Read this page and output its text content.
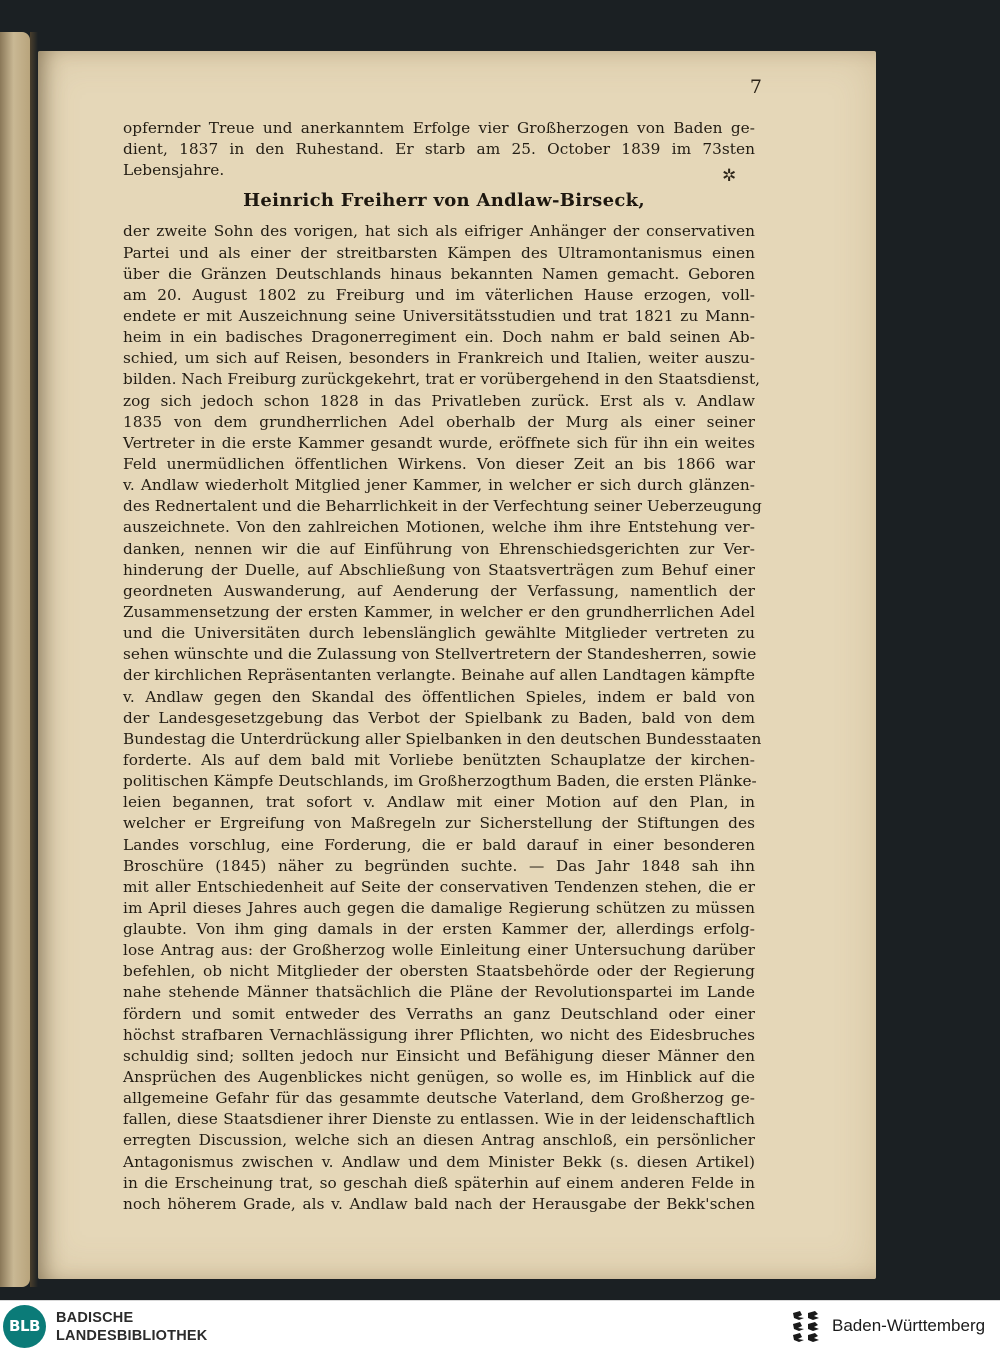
7
✲
opfernder Treue und anerkanntem Erfolge vier Großherzogen von Baden ge-
dient, 1837 in den Ruhestand. Er starb am 25. October 1839 im 73sten
Lebensjahre.
Heinrich Freiherr von Andlaw-Birseck,
der zweite Sohn des vorigen, hat sich als eifriger Anhänger der conservativen
Partei und als einer der streitbarsten Kämpen des Ultramontanismus einen
über die Gränzen Deutschlands hinaus bekannten Namen gemacht. Geboren
am 20. August 1802 zu Freiburg und im väterlichen Hause erzogen, voll-
endete er mit Auszeichnung seine Universitätsstudien und trat 1821 zu Mann-
heim in ein badisches Dragonerregiment ein. Doch nahm er bald seinen Ab-
schied, um sich auf Reisen, besonders in Frankreich und Italien, weiter auszu-
bilden. Nach Freiburg zurückgekehrt, trat er vorübergehend in den Staatsdienst,
zog sich jedoch schon 1828 in das Privatleben zurück. Erst als v. Andlaw
1835 von dem grundherrlichen Adel oberhalb der Murg als einer seiner
Vertreter in die erste Kammer gesandt wurde, eröffnete sich für ihn ein weites
Feld unermüdlichen öffentlichen Wirkens. Von dieser Zeit an bis 1866 war
v. Andlaw wiederholt Mitglied jener Kammer, in welcher er sich durch glänzen-
des Rednertalent und die Beharrlichkeit in der Verfechtung seiner Ueberzeugung
auszeichnete. Von den zahlreichen Motionen, welche ihm ihre Entstehung ver-
danken, nennen wir die auf Einführung von Ehrenschiedsgerichten zur Ver-
hinderung der Duelle, auf Abschließung von Staatsverträgen zum Behuf einer
geordneten Auswanderung, auf Aenderung der Verfassung, namentlich der
Zusammensetzung der ersten Kammer, in welcher er den grundherrlichen Adel
und die Universitäten durch lebenslänglich gewählte Mitglieder vertreten zu
sehen wünschte und die Zulassung von Stellvertretern der Standesherren, sowie
der kirchlichen Repräsentanten verlangte. Beinahe auf allen Landtagen kämpfte
v. Andlaw gegen den Skandal des öffentlichen Spieles, indem er bald von
der Landesgesetzgebung das Verbot der Spielbank zu Baden, bald von dem
Bundestag die Unterdrückung aller Spielbanken in den deutschen Bundesstaaten
forderte. Als auf dem bald mit Vorliebe benützten Schauplatze der kirchen-
politischen Kämpfe Deutschlands, im Großherzogthum Baden, die ersten Plänke-
leien begannen, trat sofort v. Andlaw mit einer Motion auf den Plan, in
welcher er Ergreifung von Maßregeln zur Sicherstellung der Stiftungen des
Landes vorschlug, eine Forderung, die er bald darauf in einer besonderen
Broschüre (1845) näher zu begründen suchte. — Das Jahr 1848 sah ihn
mit aller Entschiedenheit auf Seite der conservativen Tendenzen stehen, die er
im April dieses Jahres auch gegen die damalige Regierung schützen zu müssen
glaubte. Von ihm ging damals in der ersten Kammer der, allerdings erfolg-
lose Antrag aus: der Großherzog wolle Einleitung einer Untersuchung darüber
befehlen, ob nicht Mitglieder der obersten Staatsbehörde oder der Regierung
nahe stehende Männer thatsächlich die Pläne der Revolutionspartei im Lande
fördern und somit entweder des Verraths an ganz Deutschland oder einer
höchst strafbaren Vernachlässigung ihrer Pflichten, wo nicht des Eidesbruches
schuldig sind; sollten jedoch nur Einsicht und Befähigung dieser Männer den
Ansprüchen des Augenblickes nicht genügen, so wolle es, im Hinblick auf die
allgemeine Gefahr für das gesammte deutsche Vaterland, dem Großherzog ge-
fallen, diese Staatsdiener ihrer Dienste zu entlassen. Wie in der leidenschaftlich
erregten Discussion, welche sich an diesen Antrag anschloß, ein persönlicher
Antagonismus zwischen v. Andlaw und dem Minister Bekk (s. diesen Artikel)
in die Erscheinung trat, so geschah dieß späterhin auf einem anderen Felde in
noch höherem Grade, als v. Andlaw bald nach der Herausgabe der Bekk'schen
BLB	BADISCHE
LANDESBIBLIOTHEK
Baden-Württemberg
